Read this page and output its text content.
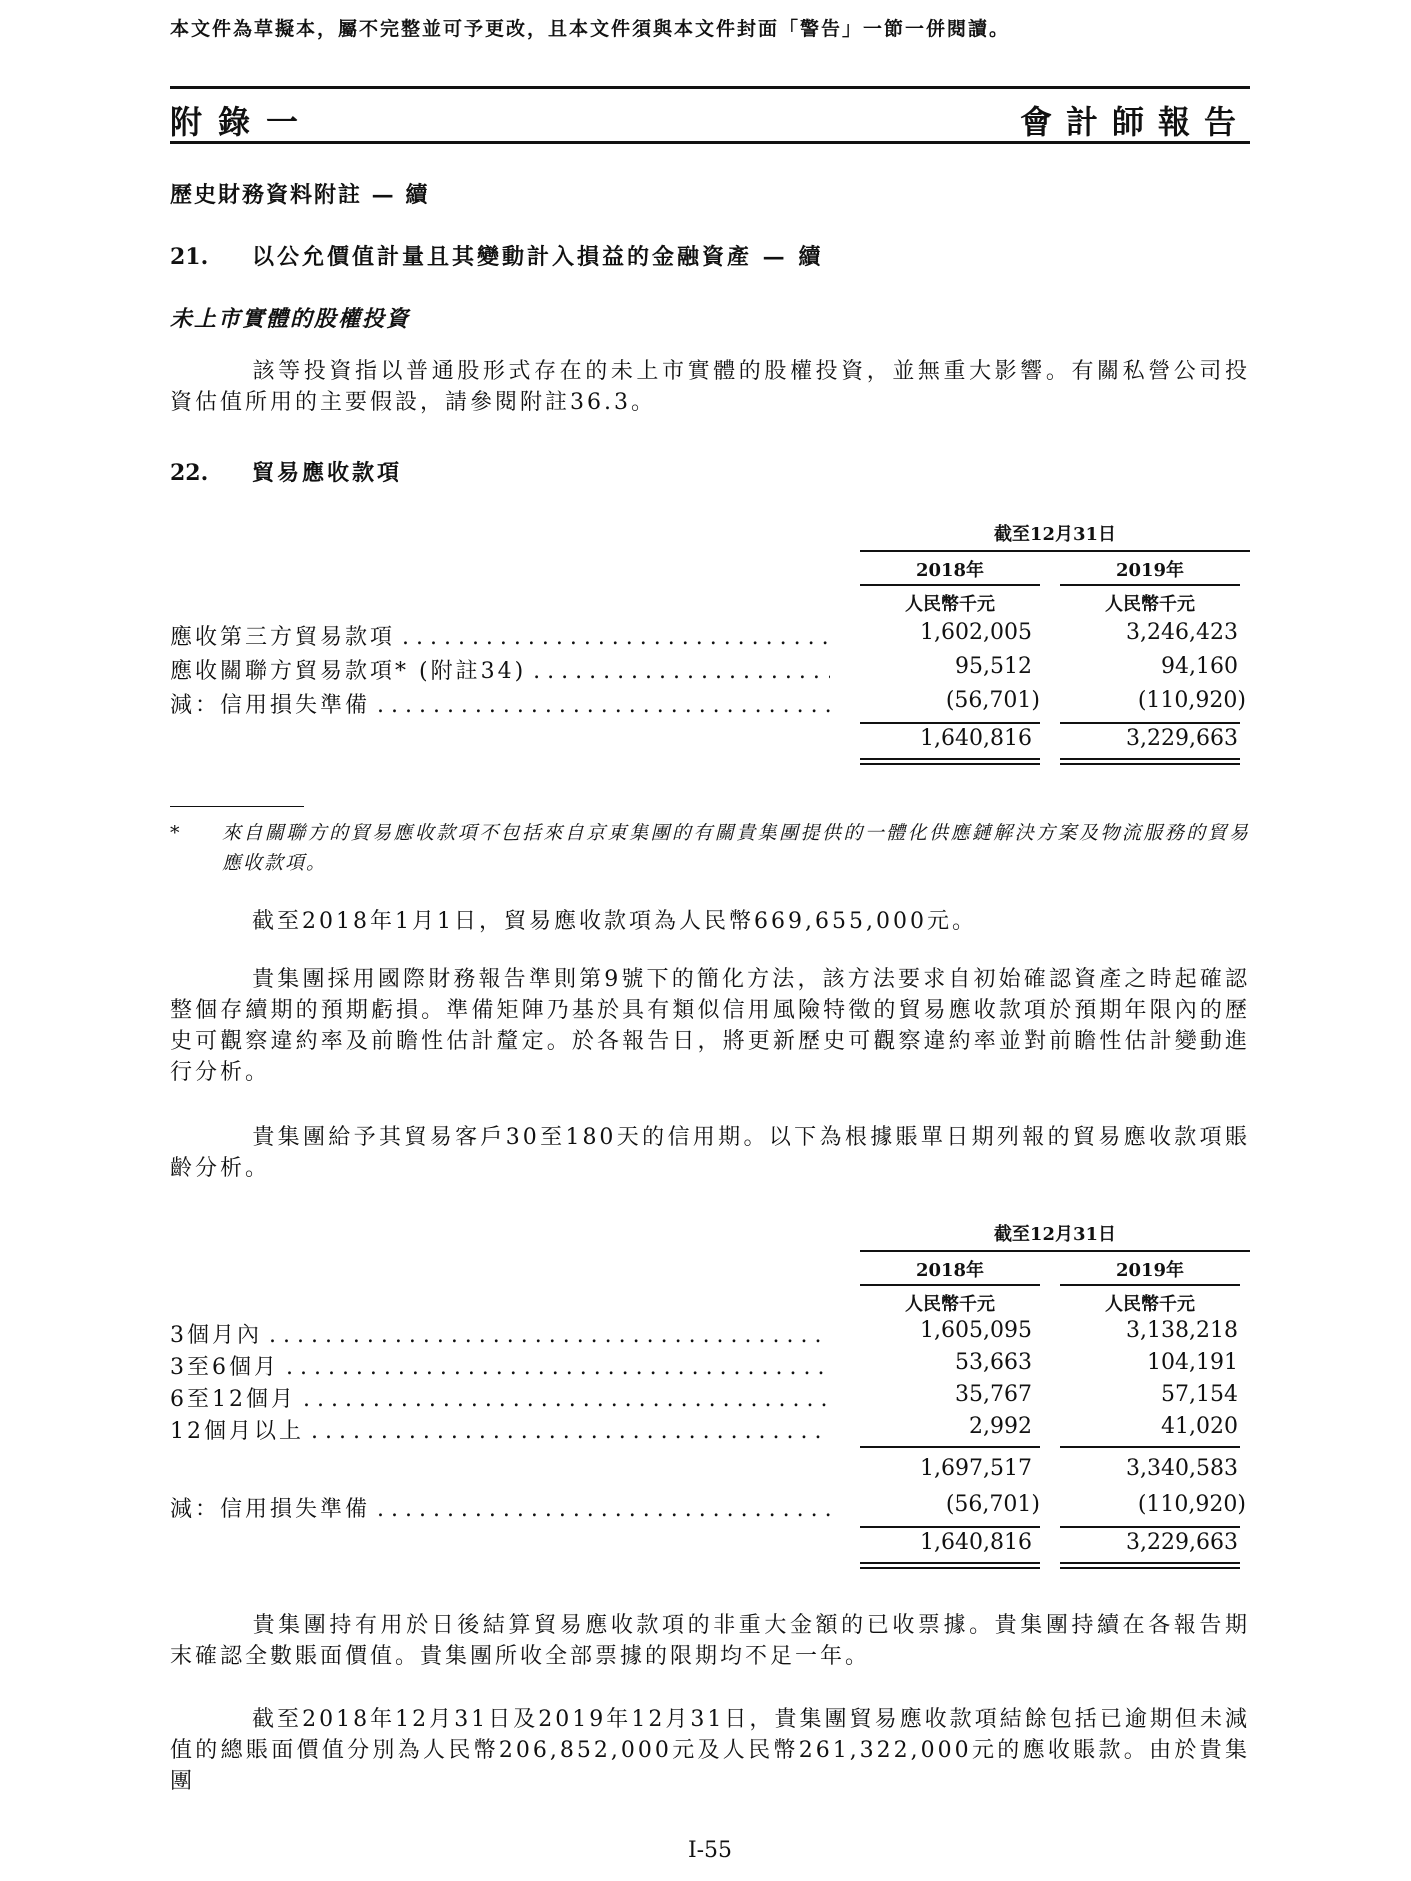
本文件為草擬本，屬不完整並可予更改，且本文件須與本文件封面「警告」一節一併閱讀。
附錄一	會計師報告
歷史財務資料附註 — 續
21. 以公允價值計量且其變動計入損益的金融資產 — 續
未上市實體的股權投資
該等投資指以普通股形式存在的未上市實體的股權投資，並無重大影響。有關私營公司投資估值所用的主要假設，請參閱附註36.3。
22. 貿易應收款項
截至12月31日
2018年	2019年
人民幣千元	人民幣千元
應收第三方貿易款項 . . .	1,602,005	3,246,423
應收關聯方貿易款項* (附註34) . . .	95,512	94,160
減：信用損失準備 . . .	(56,701)	(110,920)
1,640,816	3,229,663
* 來自關聯方的貿易應收款項不包括來自京東集團的有關貴集團提供的一體化供應鏈解決方案及物流服務的貿易應收款項。
截至2018年1月1日，貿易應收款項為人民幣669,655,000元。
貴集團採用國際財務報告準則第9號下的簡化方法，該方法要求自初始確認資產之時起確認整個存續期的預期虧損。準備矩陣乃基於具有類似信用風險特徵的貿易應收款項於預期年限內的歷史可觀察違約率及前瞻性估計釐定。於各報告日，將更新歷史可觀察違約率並對前瞻性估計變動進行分析。
貴集團給予其貿易客戶30至180天的信用期。以下為根據賬單日期列報的貿易應收款項賬齡分析。
截至12月31日
2018年	2019年
人民幣千元	人民幣千元
3個月內 . . .	1,605,095	3,138,218
3至6個月 . . .	53,663	104,191
6至12個月 . . .	35,767	57,154
12個月以上 . . .	2,992	41,020
1,697,517	3,340,583
減：信用損失準備 . . .	(56,701)	(110,920)
1,640,816	3,229,663
貴集團持有用於日後結算貿易應收款項的非重大金額的已收票據。貴集團持續在各報告期末確認全數賬面價值。貴集團所收全部票據的限期均不足一年。
截至2018年12月31日及2019年12月31日，貴集團貿易應收款項結餘包括已逾期但未減值的總賬面價值分別為人民幣206,852,000元及人民幣261,322,000元的應收賬款。由於貴集團
I-55
